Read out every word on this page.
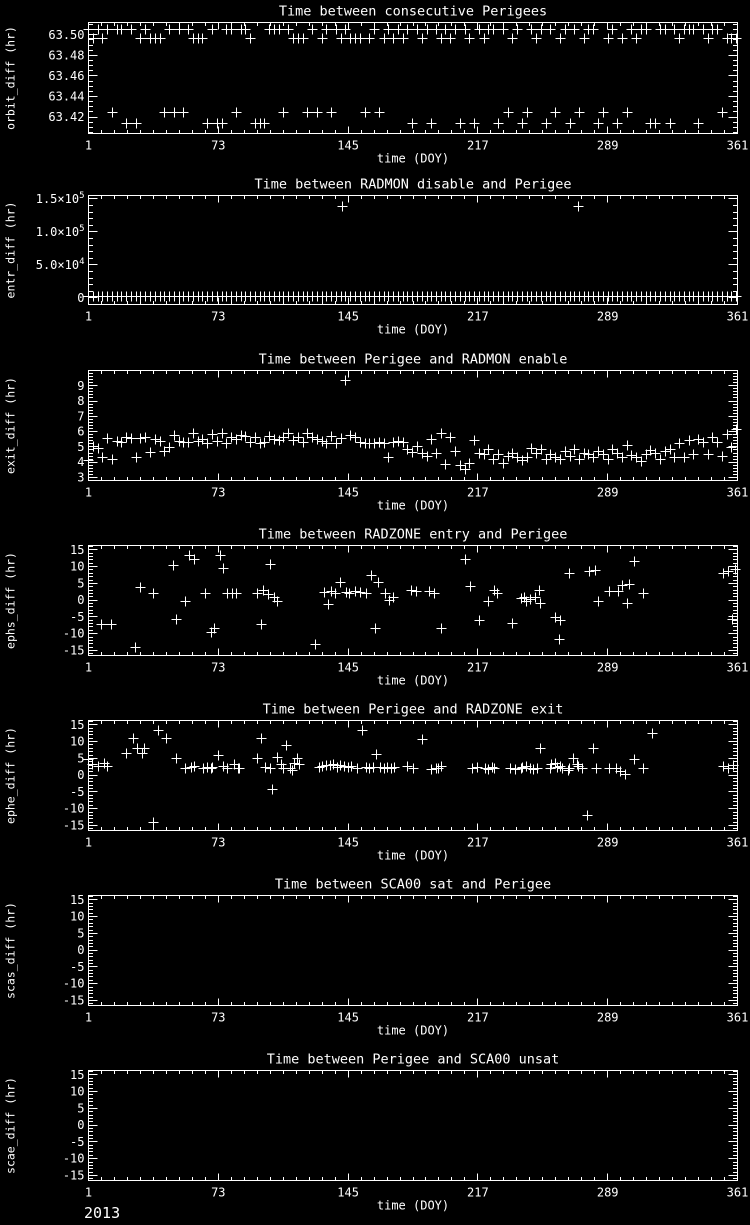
1	73	145	217	289	361
63.50
63.48
63.46
63.44
63.42
Time between consecutive Perigees
time (DOY)
orbit_diff (hr)
1	73	145	217	289	361
0
$5.0\times 10^4$
$1.0\times 10^5$
$1.5\times 10^5$
Time between RADMON disable and Perigee
time (DOY)
entr_diff (hr)
1	73	145	217	289	361
9
8
7
6
5
4
3
Time between Perigee and RADMON enable
time (DOY)
exit_diff (hr)
1	73	145	217	289	361
15
10
5
0
-5
-10
-15
Time between RADZONE entry and Perigee
time (DOY)
ephs_diff (hr)
1	73	145	217	289	361
15
10
5
0
-5
-10
-15
Time between Perigee and RADZONE exit
time (DOY)
ephe_diff (hr)
1	73	145	217	289	361
15
10
5
0
-5
-10
-15
Time between SCA00 sat and Perigee
time (DOY)
scas_diff (hr)
1	73	145	217	289	361
15
10
5
0
-5
-10
-15
Time between Perigee and SCA00 unsat
time (DOY)
scae_diff (hr)
2013
